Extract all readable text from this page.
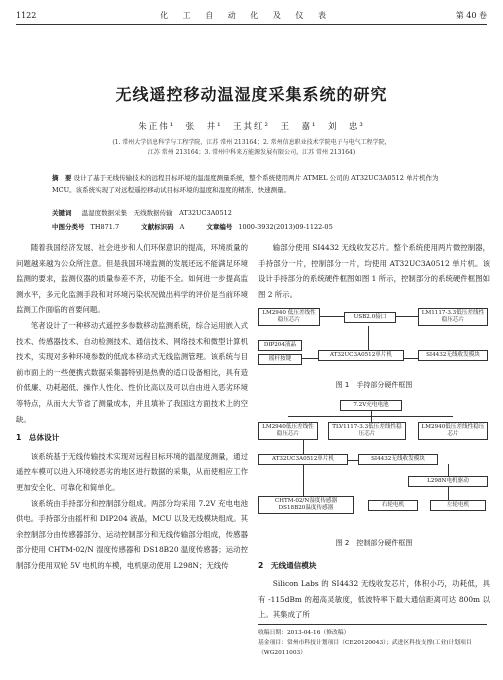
1122	化 工 自 动 化 及 仪 表	第 40 卷
无线遥控移动温湿度采集系统的研究
朱正伟¹　张　井¹　王其红²　王　嘉¹　刘　忠³
(1. 常州大学信息科学与工程学院，江苏 常州 213164；2. 常州信息职业技术学院电子与电气工程学院，
江苏 常州 213164；3. 常州中科来方能源发展有限公司，江苏 常州 213164)
摘　要 设计了基于无线传输技术的远程目标环境的温湿度测量系统，整个系统使用两片 ATMEL 公司的 AT32UC3A0512 单片机作为 MCU。该系统实现了对远程遥控移动试目标环境的温度和湿度的精准、快速测量。
关键词 温湿度数据采集　无线数据传输　AT32UC3A0512
中图分类号 TH871.7	文献标识码 A	文章编号 1000-3932(2013)09-1122-05

随着我国经济发展、社会进步和人们环保意识的提高，环境质量的问题越来越为公众所注意。但是我国环境监测的发展还远不能满足环境监测的要求，监测仪器的质量参差不齐，功能不全。如何进一步提高监测水平，多元化监测手段和对环境污染状况做出科学的评价是当前环境监测工作面临的首要问题。

笔者设计了一种移动式遥控多参数移动监测系统，综合运用嵌入式技术、传感器技术、自动检测技术、通信技术、网络技术和微型计算机技术，实现对多种环境参数的低成本移动式无线监测管理。该系统与目前市面上的一些便携式数据采集器特别是热费的适口设备相比，具有造价低廉、功耗超低、操作人性化、性价比高以及可以自由进入恶劣环境等特点，从而大大节省了测量成本，并且填补了我国这方面技术上的空缺。

1　总体设计

该系统基于无线传输技术实现对远程目标环境的温湿度测量，通过遥控车模可以进入环境较恶劣的地区进行数据的采集，从而使相应工作更加安全化、可靠化和简单化。

该系统由手持部分和控制部分组成。两部分均采用 7.2V 充电电池供电。手持部分由摇杆和 DIP204 液晶，MCU 以及无线模块组成。其余控制部分由传感器部分、运动控制部分和无线传输部分组成，传感器部分使用 CHTM-02/N 湿度传感器和 DS18B20 温度传感器；运动控制部分使用双轮 5V 电机的车模，电机驱动使用 L298N；无线传

输部分使用 SI4432 无线收发芯片。整个系统使用两片微控制器，手持部分一片，控制部分一片，均使用 AT32UC3A0512 单片机。该设计手持部分的系统硬件框图如图 1 所示，控制部分的系统硬件框图如图 2 所示。

LM2940 低压差线性稳压芯片	USB2.0接口
LM1117-3.3低压差线性稳压芯片
DIP204液晶
摇杆按键
AT32UC3A0512单片机	SI4432无线收发模块
图 1　手持部分硬件框图
7.2V充电电池
LM2940低压差线性稳压芯片
TLV1117-3.3低压差线性稳压芯片
LM2940低压差线性稳压芯片
AT32UC3A0512单片机	SI4432无线收发模块
L298N电机驱动
CHTM-02/N湿度传感器 DS18B20温度传感器	右轮电机	左轮电机
图 2　控制部分硬件框图

2　无线通信模块

Silicon Labs 的 SI4432 无线收发芯片，体积小巧，功耗低，具有 -115dBm 的超高灵敏度，低波特率下最大通信距离可达 800m 以上。其集成了所

收稿日期：2013-04-16（修改稿）
基金项目：常州市科技计划项目（CE20120043）；武进区科技支撑(工业)计划项目（WG2011003）
